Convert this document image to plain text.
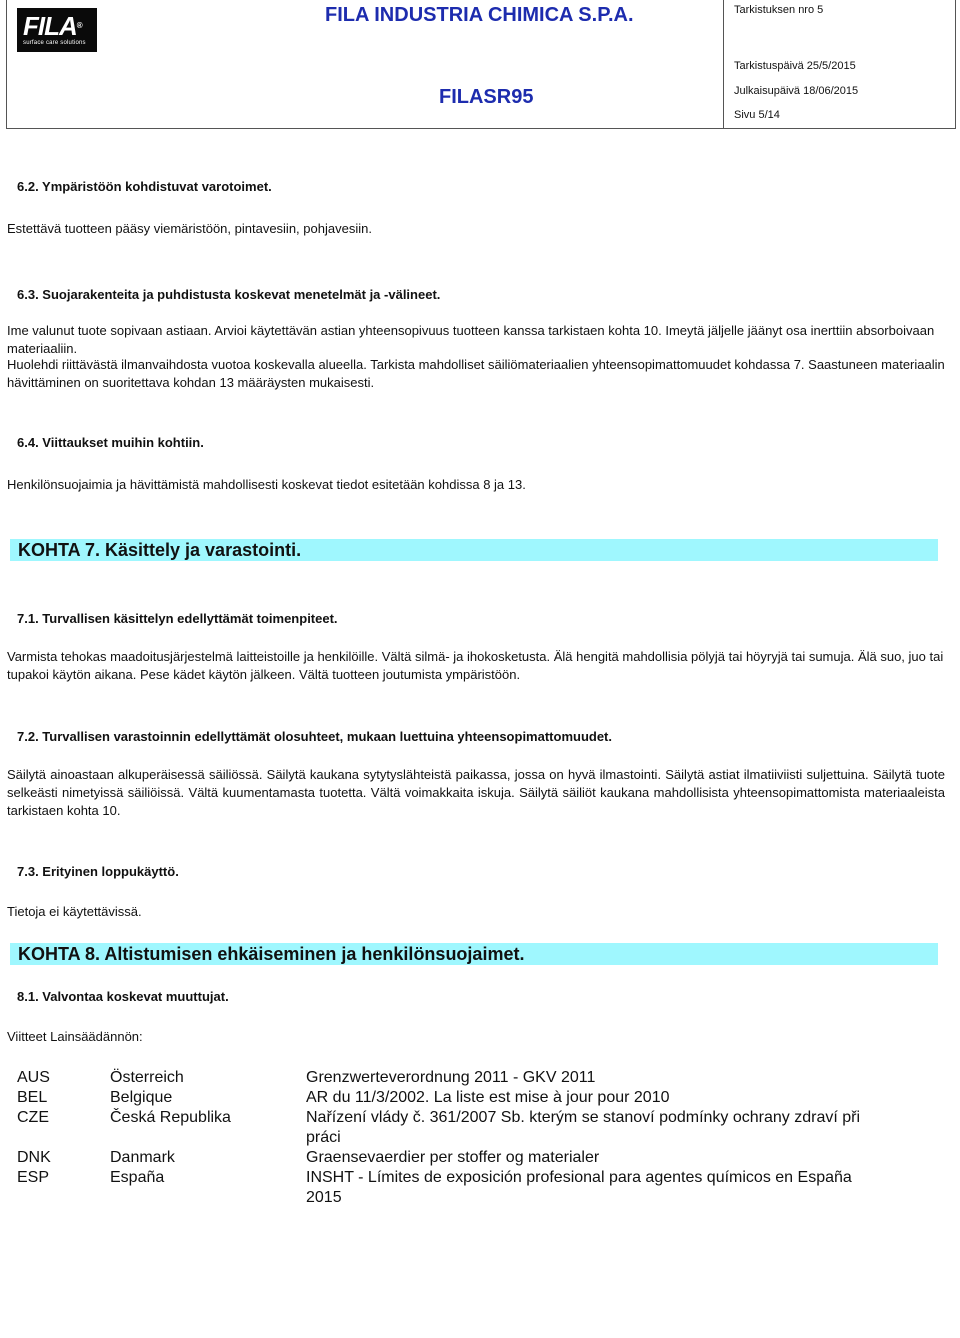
FILA®
surface care solutions
FILA INDUSTRIA CHIMICA S.P.A.
FILASR95
Tarkistuksen nro 5
Tarkistuspäivä 25/5/2015
Julkaisupäivä 18/06/2015
Sivu 5/14
6.2. Ympäristöön kohdistuvat varotoimet.
Estettävä tuotteen pääsy viemäristöön, pintavesiin, pohjavesiin.
6.3. Suojarakenteita ja puhdistusta koskevat menetelmät ja -välineet.
Ime valunut tuote sopivaan astiaan. Arvioi käytettävän astian yhteensopivuus tuotteen kanssa tarkistaen kohta 10. Imeytä jäljelle jäänyt osa inerttiin absorboivaan materiaaliin.
Huolehdi riittävästä ilmanvaihdosta vuotoa koskevalla alueella. Tarkista mahdolliset säiliömateriaalien yhteensopimattomuudet kohdassa 7. Saastuneen materiaalin hävittäminen on suoritettava kohdan 13 määräysten mukaisesti.
6.4. Viittaukset muihin kohtiin.
Henkilönsuojaimia ja hävittämistä mahdollisesti koskevat tiedot esitetään kohdissa 8 ja 13.
KOHTA 7. Käsittely ja varastointi.
7.1. Turvallisen käsittelyn edellyttämät toimenpiteet.
Varmista tehokas maadoitusjärjestelmä laitteistoille ja henkilöille. Vältä silmä- ja ihokosketusta. Älä hengitä mahdollisia pölyjä tai höyryjä tai sumuja. Älä suo, juo tai tupakoi käytön aikana. Pese kädet käytön jälkeen. Vältä tuotteen joutumista ympäristöön.
7.2. Turvallisen varastoinnin edellyttämät olosuhteet, mukaan luettuina yhteensopimattomuudet.
Säilytä ainoastaan alkuperäisessä säiliössä. Säilytä kaukana sytytyslähteistä paikassa, jossa on hyvä ilmastointi. Säilytä astiat ilmatiiviisti suljettuina. Säilytä tuote selkeästi nimetyissä säiliöissä. Vältä kuumentamasta tuotetta. Vältä voimakkaita iskuja. Säilytä säiliöt kaukana mahdollisista yhteensopimattomista materiaaleista tarkistaen kohta 10.
7.3. Erityinen loppukäyttö.
Tietoja ei käytettävissä.
KOHTA 8. Altistumisen ehkäiseminen ja henkilönsuojaimet.
8.1. Valvontaa koskevat muuttujat.
Viitteet Lainsäädännön:
AUS	Österreich	Grenzwerteverordnung 2011 - GKV 2011
BEL	Belgique	AR du 11/3/2002. La liste est mise à jour pour 2010
CZE	Česká Republika	Nařízení vlády č. 361/2007 Sb. kterým se stanoví podmínky ochrany zdraví při práci
DNK	Danmark	Graensevaerdier per stoffer og materialer
ESP	España	INSHT - Límites de exposición profesional para agentes químicos en España 2015
